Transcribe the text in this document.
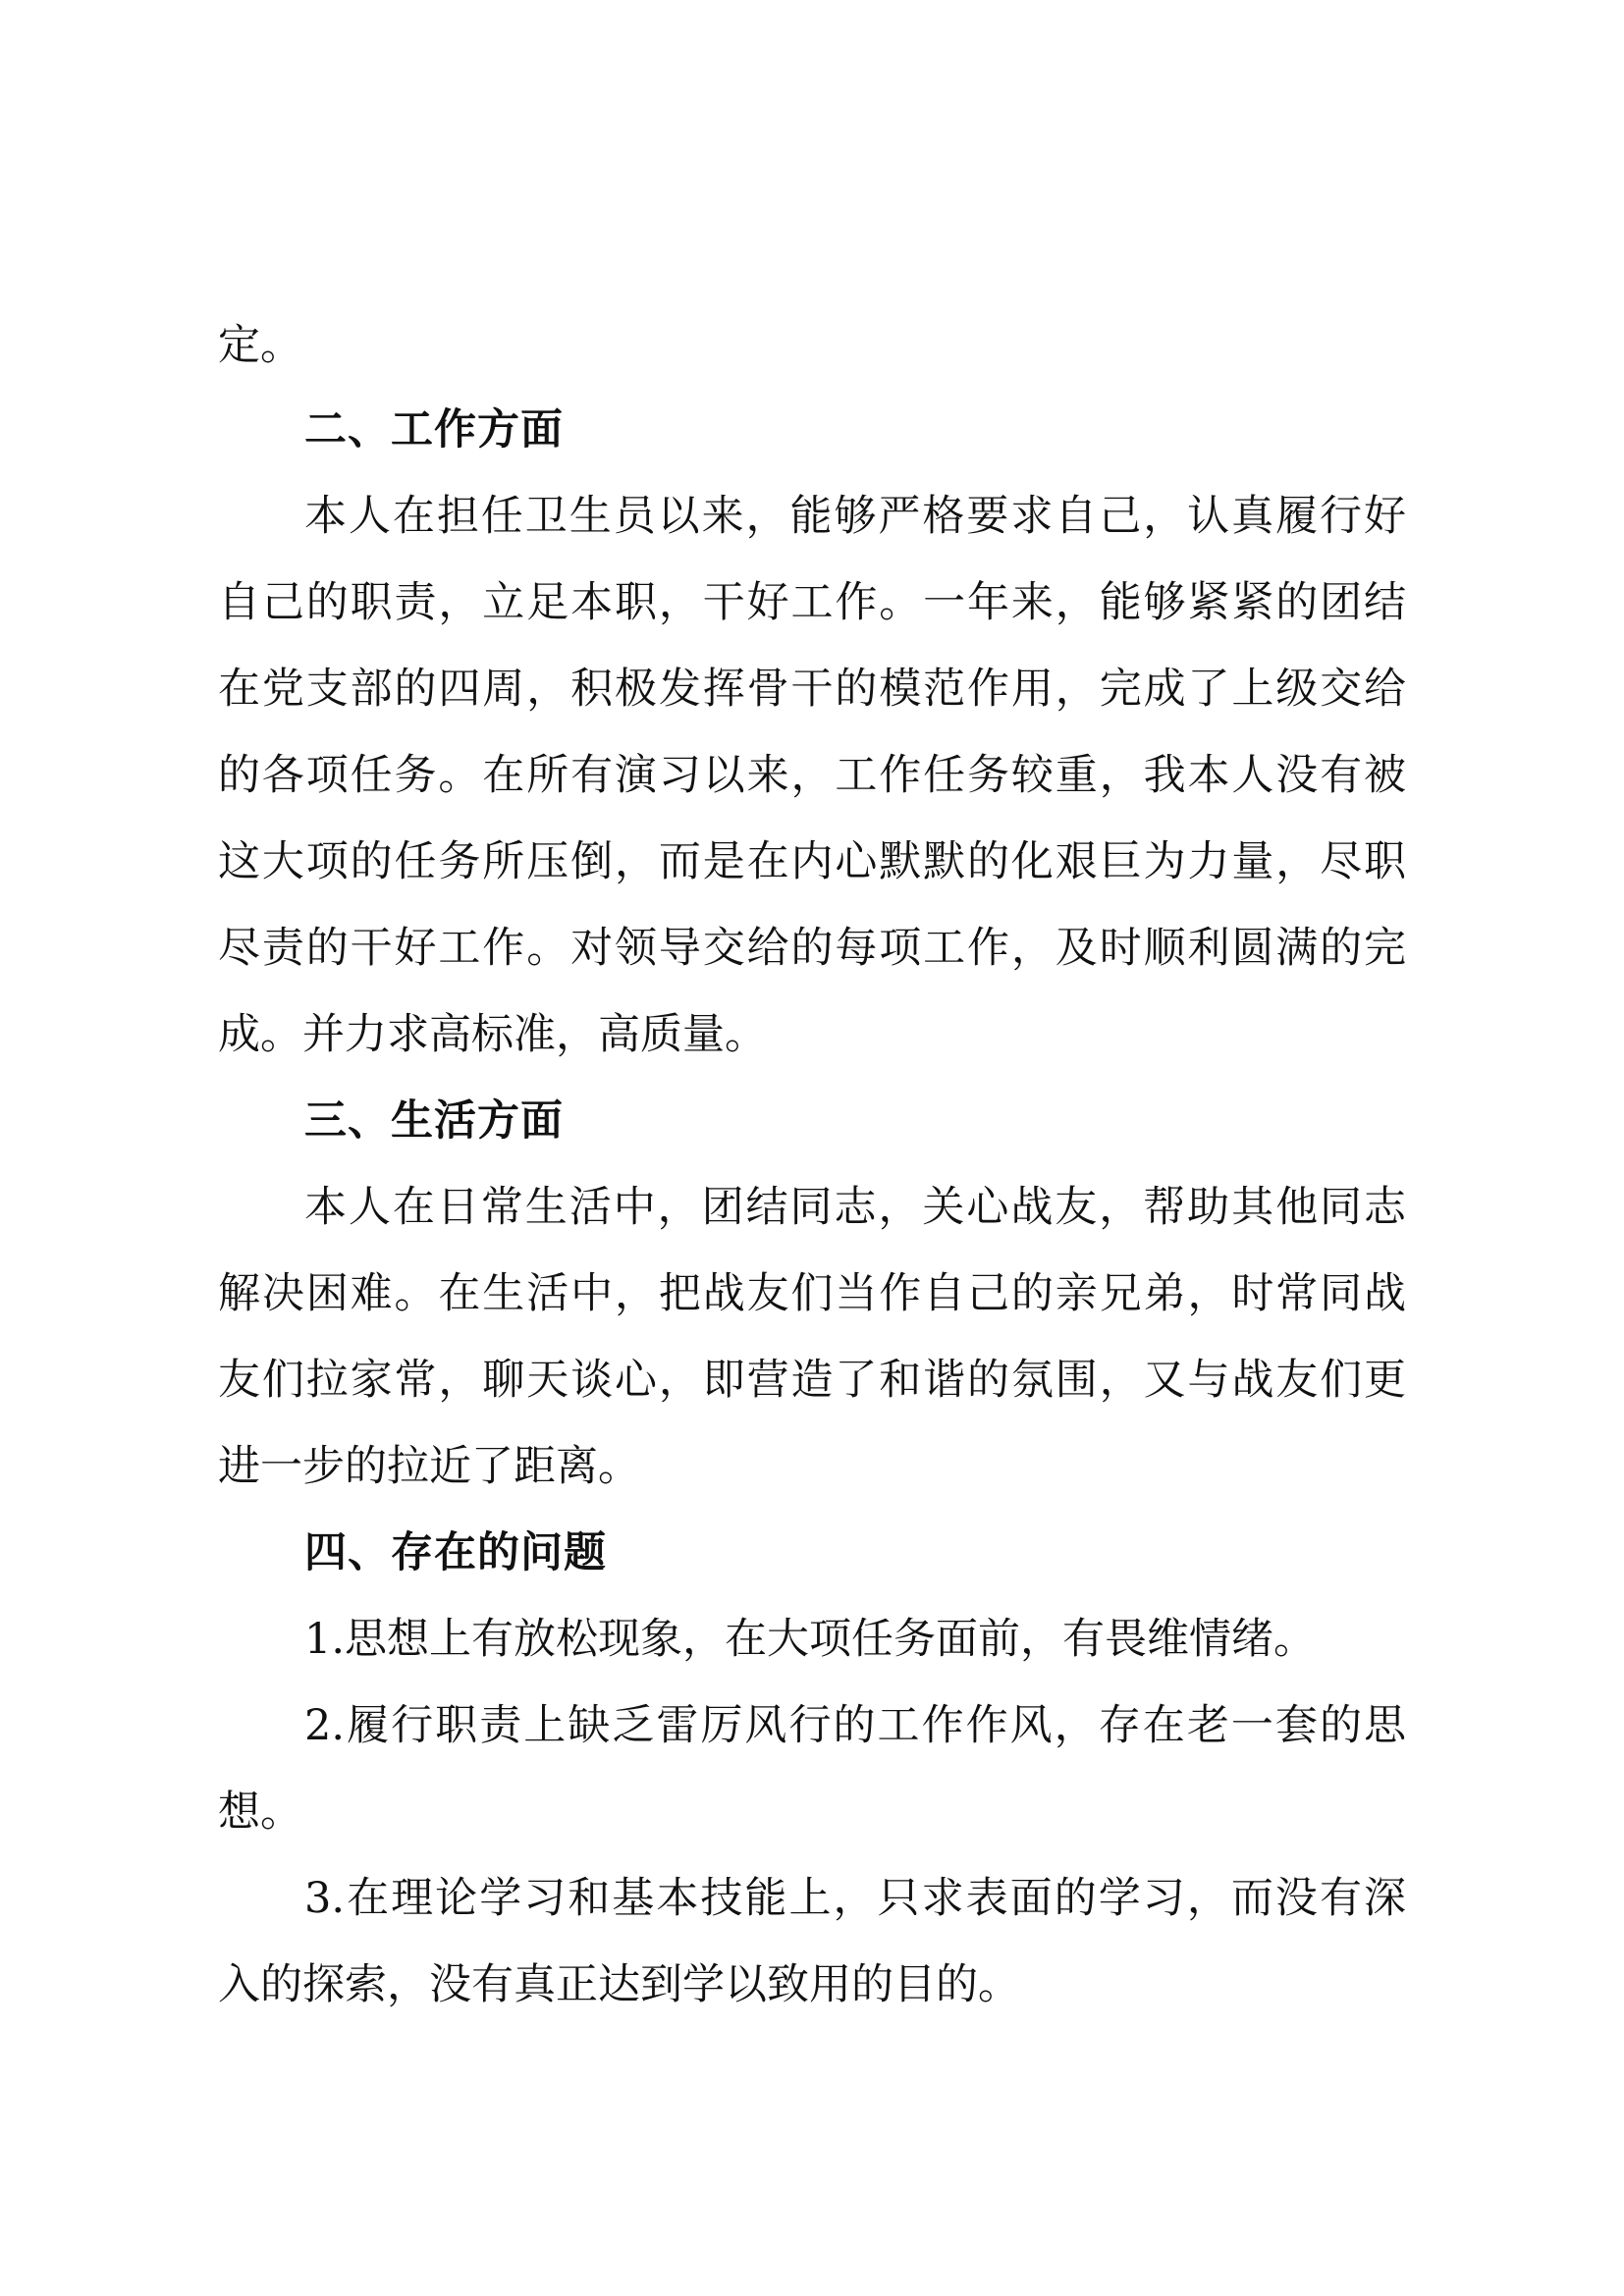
定。

二、工作方面

本人在担任卫生员以来，能够严格要求自己，认真履行好

自己的职责，立足本职，干好工作。一年来，能够紧紧的团结

在党支部的四周，积极发挥骨干的模范作用，完成了上级交给

的各项任务。在所有演习以来，工作任务较重，我本人没有被

这大项的任务所压倒，而是在内心默默的化艰巨为力量，尽职

尽责的干好工作。对领导交给的每项工作，及时顺利圆满的完

成。并力求高标准，高质量。

三、生活方面

本人在日常生活中，团结同志，关心战友，帮助其他同志

解决困难。在生活中，把战友们当作自己的亲兄弟，时常同战

友们拉家常，聊天谈心，即营造了和谐的氛围，又与战友们更

进一步的拉近了距离。

四、存在的问题

1.思想上有放松现象，在大项任务面前，有畏维情绪。

2.履行职责上缺乏雷厉风行的工作作风，存在老一套的思

想。

3.在理论学习和基本技能上，只求表面的学习，而没有深

入的探索，没有真正达到学以致用的目的。
